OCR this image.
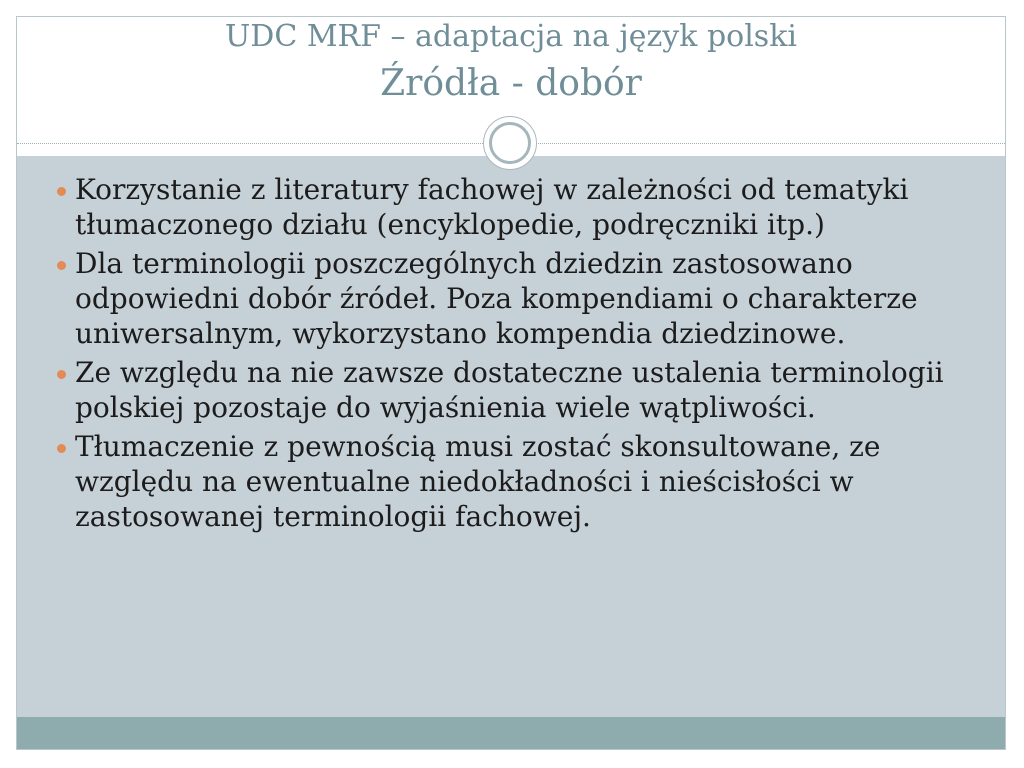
UDC MRF – adaptacja na język polski
Źródła - dobór
Korzystanie z literatury fachowej w zależności od tematyki tłumaczonego działu (encyklopedie, podręczniki itp.)
Dla terminologii poszczególnych dziedzin zastosowano odpowiedni dobór źródeł. Poza kompendiami o charakterze uniwersalnym, wykorzystano kompendia dziedzinowe.
Ze względu na nie zawsze dostateczne ustalenia terminologii polskiej pozostaje do wyjaśnienia wiele wątpliwości.
Tłumaczenie z pewnością musi zostać skonsultowane, ze względu na ewentualne niedokładności i nieścisłości w zastosowanej terminologii fachowej.
